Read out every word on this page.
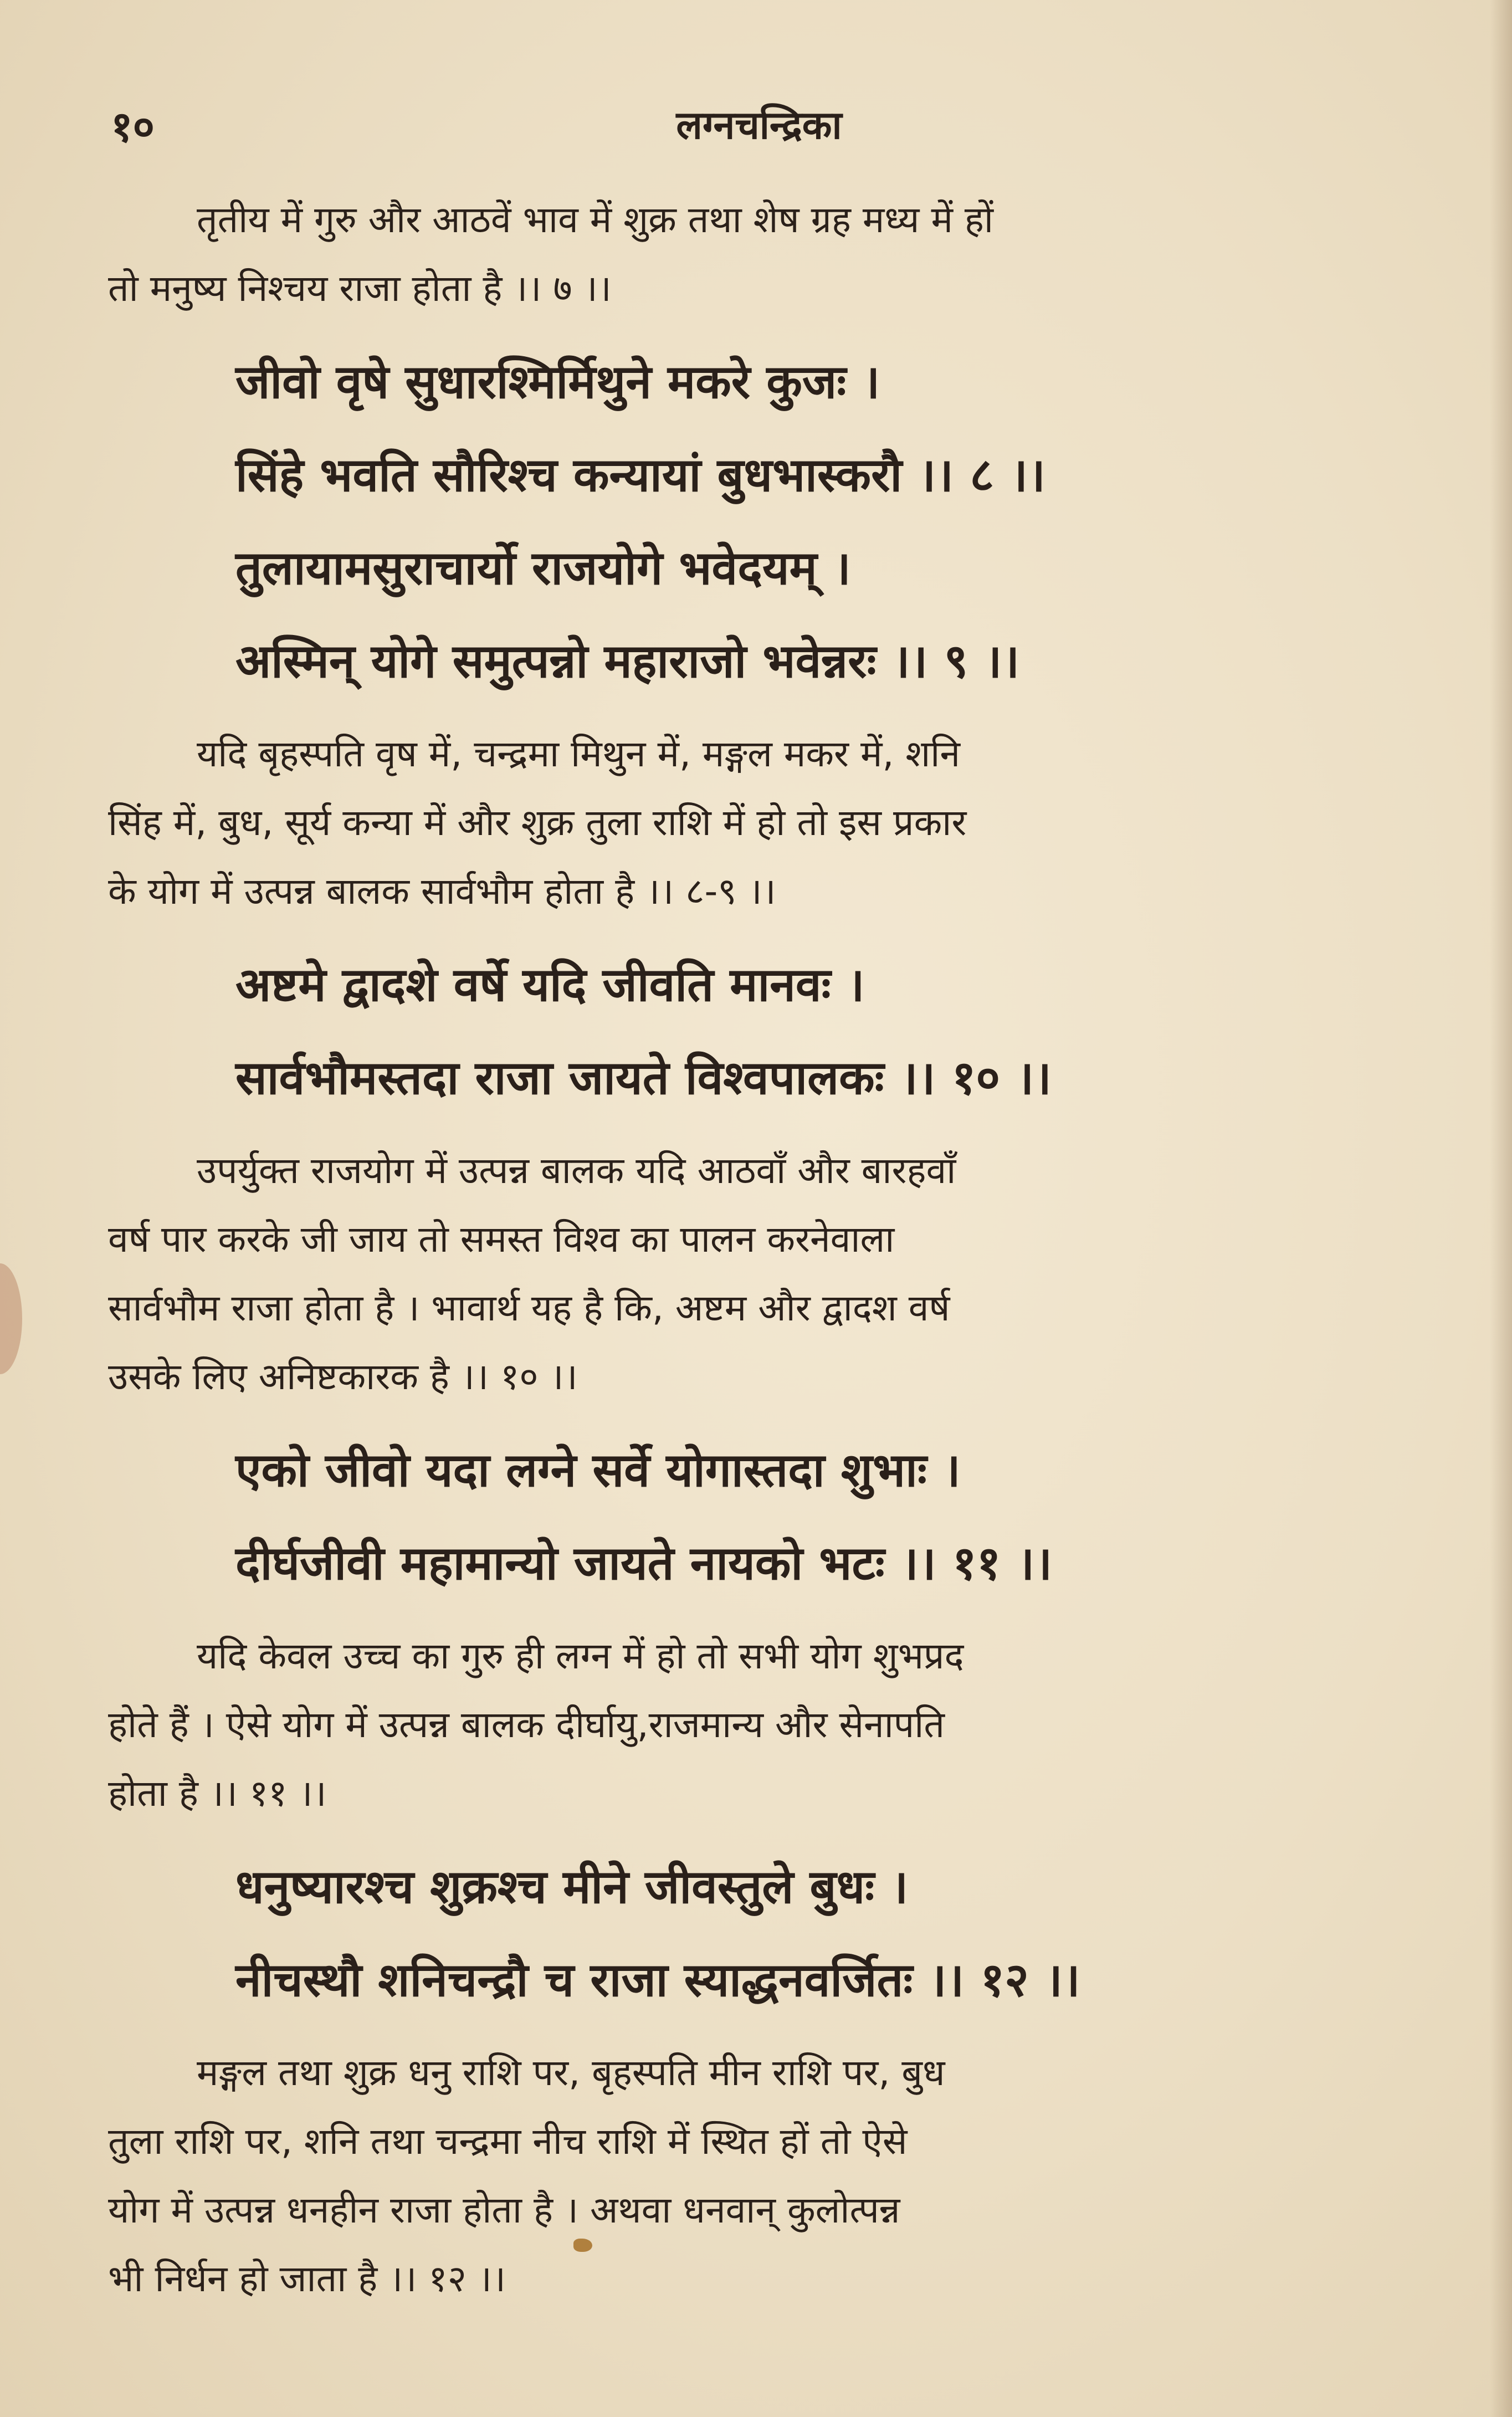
१०	लग्नचन्द्रिका

तृतीय में गुरु और आठवें भाव में शुक्र तथा शेष ग्रह मध्य में हों
तो मनुष्य निश्चय राजा होता है ।। ७ ।।

जीवो वृषे सुधारश्मिर्मिथुने मकरे कुजः ।
सिंहे भवति सौरिश्च कन्यायां बुधभास्करौ ।। ८ ।।
तुलायामसुराचार्यो राजयोगे भवेदयम् ।
अस्मिन् योगे समुत्पन्नो महाराजो भवेन्नरः ।। ९ ।।

यदि बृहस्पति वृष में, चन्द्रमा मिथुन में, मङ्गल मकर में, शनि
सिंह में, बुध, सूर्य कन्या में और शुक्र तुला राशि में हो तो इस प्रकार
के योग में उत्पन्न बालक सार्वभौम होता है ।। ८-९ ।।

अष्टमे द्वादशे वर्षे यदि जीवति मानवः ।
सार्वभौमस्तदा राजा जायते विश्वपालकः ।। १० ।।

उपर्युक्त राजयोग में उत्पन्न बालक यदि आठवाँ और बारहवाँ
वर्ष पार करके जी जाय तो समस्त विश्व का पालन करनेवाला
सार्वभौम राजा होता है । भावार्थ यह है कि, अष्टम और द्वादश वर्ष
उसके लिए अनिष्टकारक है ।। १० ।।

एको जीवो यदा लग्ने सर्वे योगास्तदा शुभाः ।
दीर्घजीवी महामान्यो जायते नायको भटः ।। ११ ।।

यदि केवल उच्च का गुरु ही लग्न में हो तो सभी योग शुभप्रद
होते हैं । ऐसे योग में उत्पन्न बालक दीर्घायु,राजमान्य और सेनापति
होता है ।। ११ ।।

धनुष्यारश्च शुक्रश्च मीने जीवस्तुले बुधः ।
नीचस्थौ शनिचन्द्रौ च राजा स्याद्धनवर्जितः ।। १२ ।।

मङ्गल तथा शुक्र धनु राशि पर, बृहस्पति मीन राशि पर, बुध
तुला राशि पर, शनि तथा चन्द्रमा नीच राशि में स्थित हों तो ऐसे
योग में उत्पन्न धनहीन राजा होता है । अथवा धनवान् कुलोत्पन्न
भी निर्धन हो जाता है ।। १२ ।।
